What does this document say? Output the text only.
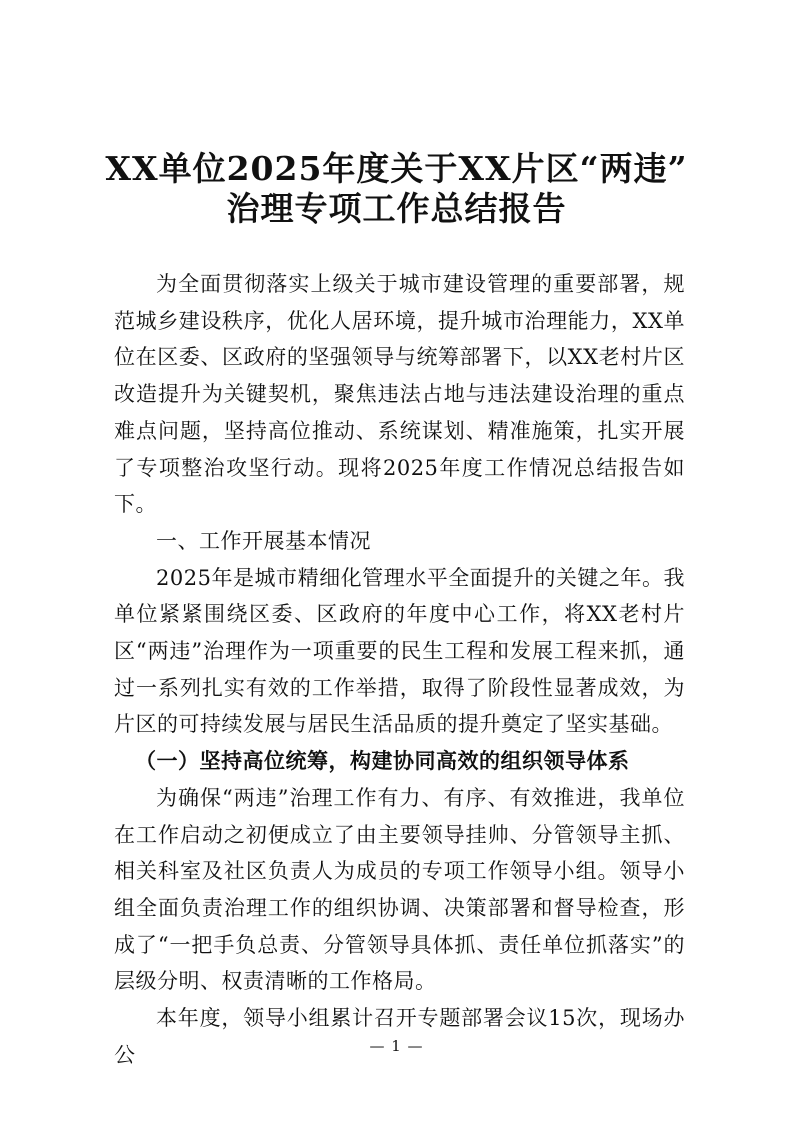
XX单位2025年度关于XX片区“两违”
治理专项工作总结报告

为全面贯彻落实上级关于城市建设管理的重要部署，规范城乡建设秩序，优化人居环境，提升城市治理能力，XX单位在区委、区政府的坚强领导与统筹部署下，以XX老村片区改造提升为关键契机，聚焦违法占地与违法建设治理的重点难点问题，坚持高位推动、系统谋划、精准施策，扎实开展了专项整治攻坚行动。现将2025年度工作情况总结报告如下。

一、工作开展基本情况

2025年是城市精细化管理水平全面提升的关键之年。我单位紧紧围绕区委、区政府的年度中心工作，将XX老村片区“两违”治理作为一项重要的民生工程和发展工程来抓，通过一系列扎实有效的工作举措，取得了阶段性显著成效，为片区的可持续发展与居民生活品质的提升奠定了坚实基础。

（一）坚持高位统筹，构建协同高效的组织领导体系

为确保“两违”治理工作有力、有序、有效推进，我单位在工作启动之初便成立了由主要领导挂帅、分管领导主抓、相关科室及社区负责人为成员的专项工作领导小组。领导小组全面负责治理工作的组织协调、决策部署和督导检查，形成了“一把手负总责、分管领导具体抓、责任单位抓落实”的层级分明、权责清晰的工作格局。

本年度，领导小组累计召开专题部署会议15次，现场办公	— 1 —
